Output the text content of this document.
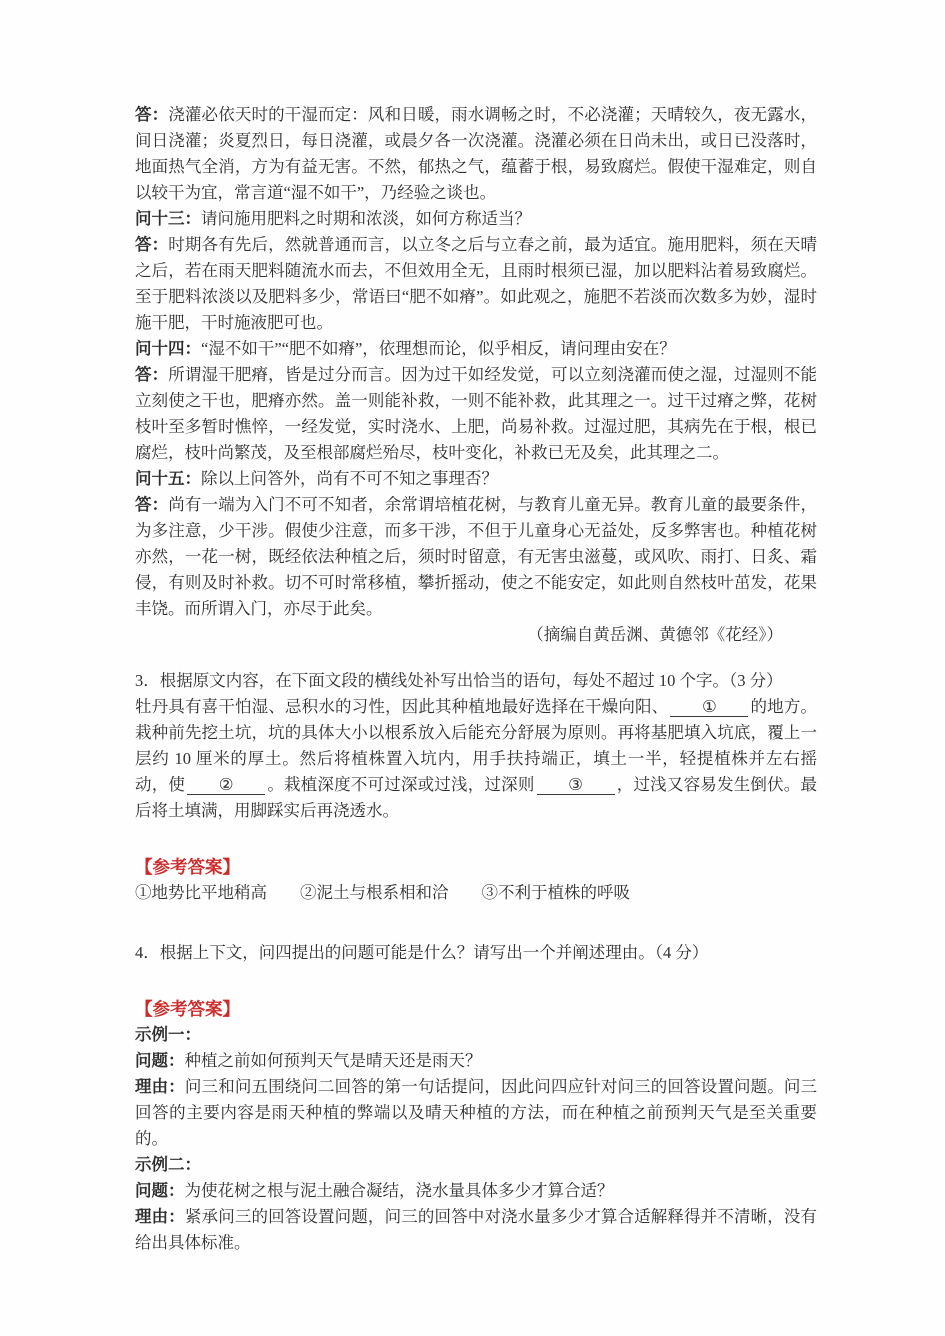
答：浇灌必依天时的干湿而定：风和日暖，雨水调畅之时，不必浇灌；天晴较久，夜无露水，间日浇灌；炎夏烈日，每日浇灌，或晨夕各一次浇灌。浇灌必须在日尚未出，或日已没落时，地面热气全消，方为有益无害。不然，郁热之气，蕴蓄于根，易致腐烂。假使干湿难定，则自以较干为宜，常言道“湿不如干”，乃经验之谈也。

问十三：请问施用肥料之时期和浓淡，如何方称适当？

答：时期各有先后，然就普通而言，以立冬之后与立春之前，最为适宜。施用肥料，须在天晴之后，若在雨天肥料随流水而去，不但效用全无，且雨时根须已湿，加以肥料沾着易致腐烂。至于肥料浓淡以及肥料多少，常语曰“肥不如瘠”。如此观之，施肥不若淡而次数多为妙，湿时施干肥，干时施液肥可也。

问十四：“湿不如干”“肥不如瘠”，依理想而论，似乎相反，请问理由安在？

答：所谓湿干肥瘠，皆是过分而言。因为过干如经发觉，可以立刻浇灌而使之湿，过湿则不能立刻使之干也，肥瘠亦然。盖一则能补救，一则不能补救，此其理之一。过干过瘠之弊，花树枝叶至多暂时憔悴，一经发觉，实时浇水、上肥，尚易补救。过湿过肥，其病先在于根，根已腐烂，枝叶尚繁茂，及至根部腐烂殆尽，枝叶变化，补救已无及矣，此其理之二。

问十五：除以上问答外，尚有不可不知之事理否？

答：尚有一端为入门不可不知者，余常谓培植花树，与教育儿童无异。教育儿童的最要条件，为多注意，少干涉。假使少注意，而多干涉，不但于儿童身心无益处，反多弊害也。种植花树亦然，一花一树，既经依法种植之后，须时时留意，有无害虫滋蔓，或风吹、雨打、日炙、霜侵，有则及时补救。切不可时常移植，攀折摇动，使之不能安定，如此则自然枝叶茁发，花果丰饶。而所谓入门，亦尽于此矣。

（摘编自黄岳渊、黄德邻《花经》）

3．根据原文内容，在下面文段的横线处补写出恰当的语句，每处不超过 10 个字。（3 分）

牡丹具有喜干怕湿、忌积水的习性，因此其种植地最好选择在干燥向阳、 ① 的地方。栽种前先挖土坑，坑的具体大小以根系放入后能充分舒展为原则。再将基肥填入坑底，覆上一层约 10 厘米的厚土。然后将植株置入坑内，用手扶持端正，填土一半，轻提植株并左右摇动，使 ② 。栽植深度不可过深或过浅，过深则 ③ ，过浅又容易发生倒伏。最后将土填满，用脚踩实后再浇透水。

【参考答案】

①地势比平地稍高　　②泥土与根系相和洽　　③不利于植株的呼吸

4．根据上下文，问四提出的问题可能是什么？请写出一个并阐述理由。（4 分）

【参考答案】

示例一：

问题：种植之前如何预判天气是晴天还是雨天？

理由：问三和问五围绕问二回答的第一句话提问，因此问四应针对问三的回答设置问题。问三回答的主要内容是雨天种植的弊端以及晴天种植的方法，而在种植之前预判天气是至关重要的。

示例二：

问题：为使花树之根与泥土融合凝结，浇水量具体多少才算合适？

理由：紧承问三的回答设置问题，问三的回答中对浇水量多少才算合适解释得并不清晰，没有给出具体标准。
